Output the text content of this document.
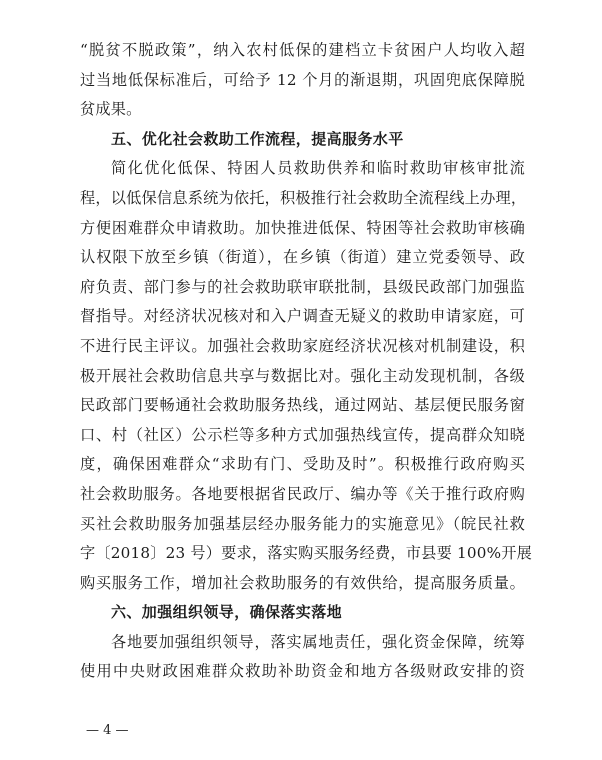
“脱贫不脱政策”，纳入农村低保的建档立卡贫困户人均收入超
过当地低保标准后，可给予 12 个月的渐退期，巩固兜底保障脱
贫成果。
五、优化社会救助工作流程，提高服务水平
简化优化低保、特困人员救助供养和临时救助审核审批流
程，以低保信息系统为依托，积极推行社会救助全流程线上办理，
方便困难群众申请救助。加快推进低保、特困等社会救助审核确
认权限下放至乡镇（街道），在乡镇（街道）建立党委领导、政
府负责、部门参与的社会救助联审联批制，县级民政部门加强监
督指导。对经济状况核对和入户调查无疑义的救助申请家庭，可
不进行民主评议。加强社会救助家庭经济状况核对机制建设，积
极开展社会救助信息共享与数据比对。强化主动发现机制，各级
民政部门要畅通社会救助服务热线，通过网站、基层便民服务窗
口、村（社区）公示栏等多种方式加强热线宣传，提高群众知晓
度，确保困难群众“求助有门、受助及时”。积极推行政府购买
社会救助服务。各地要根据省民政厅、编办等《关于推行政府购
买社会救助服务加强基层经办服务能力的实施意见》（皖民社救
字〔2018〕23 号）要求，落实购买服务经费，市县要 100%开展
购买服务工作，增加社会救助服务的有效供给，提高服务质量。
六、加强组织领导，确保落实落地
各地要加强组织领导，落实属地责任，强化资金保障，统筹
使用中央财政困难群众救助补助资金和地方各级财政安排的资
— 4 —
